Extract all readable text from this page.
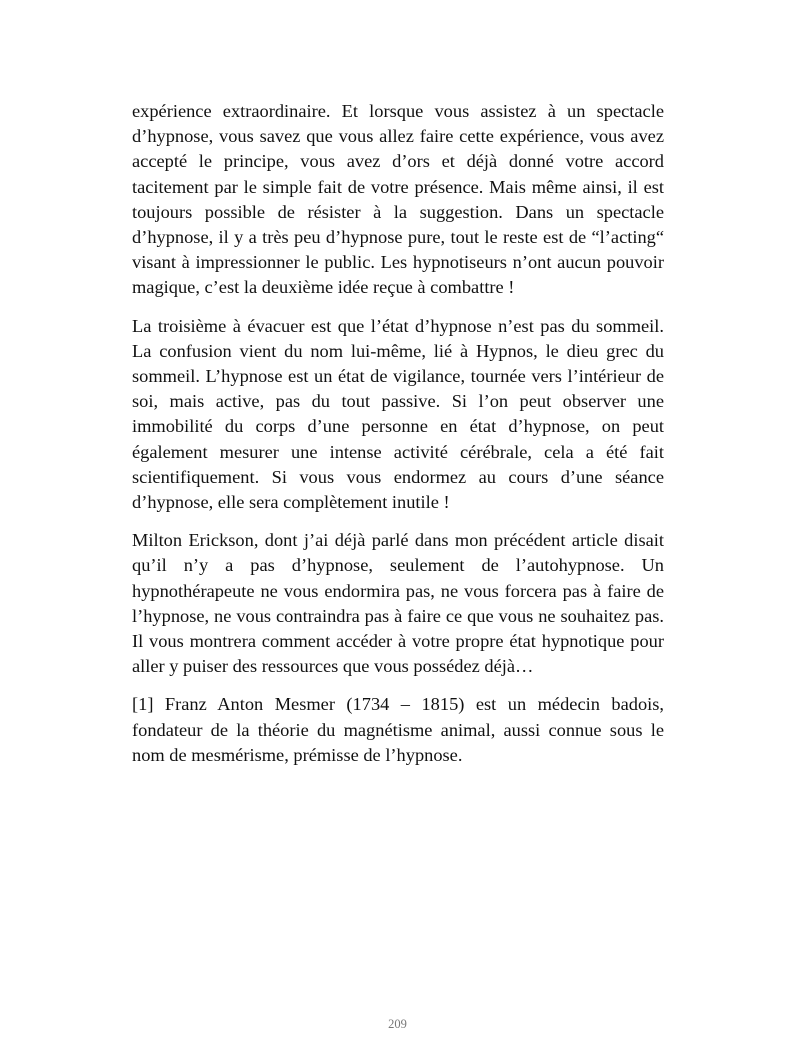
expérience extraordinaire. Et lorsque vous assistez à un spectacle d’hypnose, vous savez que vous allez faire cette expérience, vous avez accepté le principe, vous avez d’ors et déjà donné votre accord tacitement par le simple fait de votre présence. Mais même ainsi, il est toujours possible de résister à la suggestion. Dans un spectacle d’hypnose, il y a très peu d’hypnose pure, tout le reste est de “l’acting“ visant à impressionner le public. Les hypnotiseurs n’ont aucun pouvoir magique, c’est la deuxième idée reçue à combattre !

La troisième à évacuer est que l’état d’hypnose n’est pas du sommeil. La confusion vient du nom lui-même, lié à Hypnos, le dieu grec du sommeil. L’hypnose est un état de vigilance, tournée vers l’intérieur de soi, mais active, pas du tout passive. Si l’on peut observer une immobilité du corps d’une personne en état d’hypnose, on peut également mesurer une intense activité cérébrale, cela a été fait scientifiquement. Si vous vous endormez au cours d’une séance d’hypnose, elle sera complètement inutile !

Milton Erickson, dont j’ai déjà parlé dans mon précédent article disait qu’il n’y a pas d’hypnose, seulement de l’autohypnose. Un hypnothérapeute ne vous endormira pas, ne vous forcera pas à faire de l’hypnose, ne vous contraindra pas à faire ce que vous ne souhaitez pas. Il vous montrera comment accéder à votre propre état hypnotique pour aller y puiser des ressources que vous possédez déjà…

[1] Franz Anton Mesmer (1734 – 1815) est un médecin badois, fondateur de la théorie du magnétisme animal, aussi connue sous le nom de mesmérisme, prémisse de l’hypnose.

209
